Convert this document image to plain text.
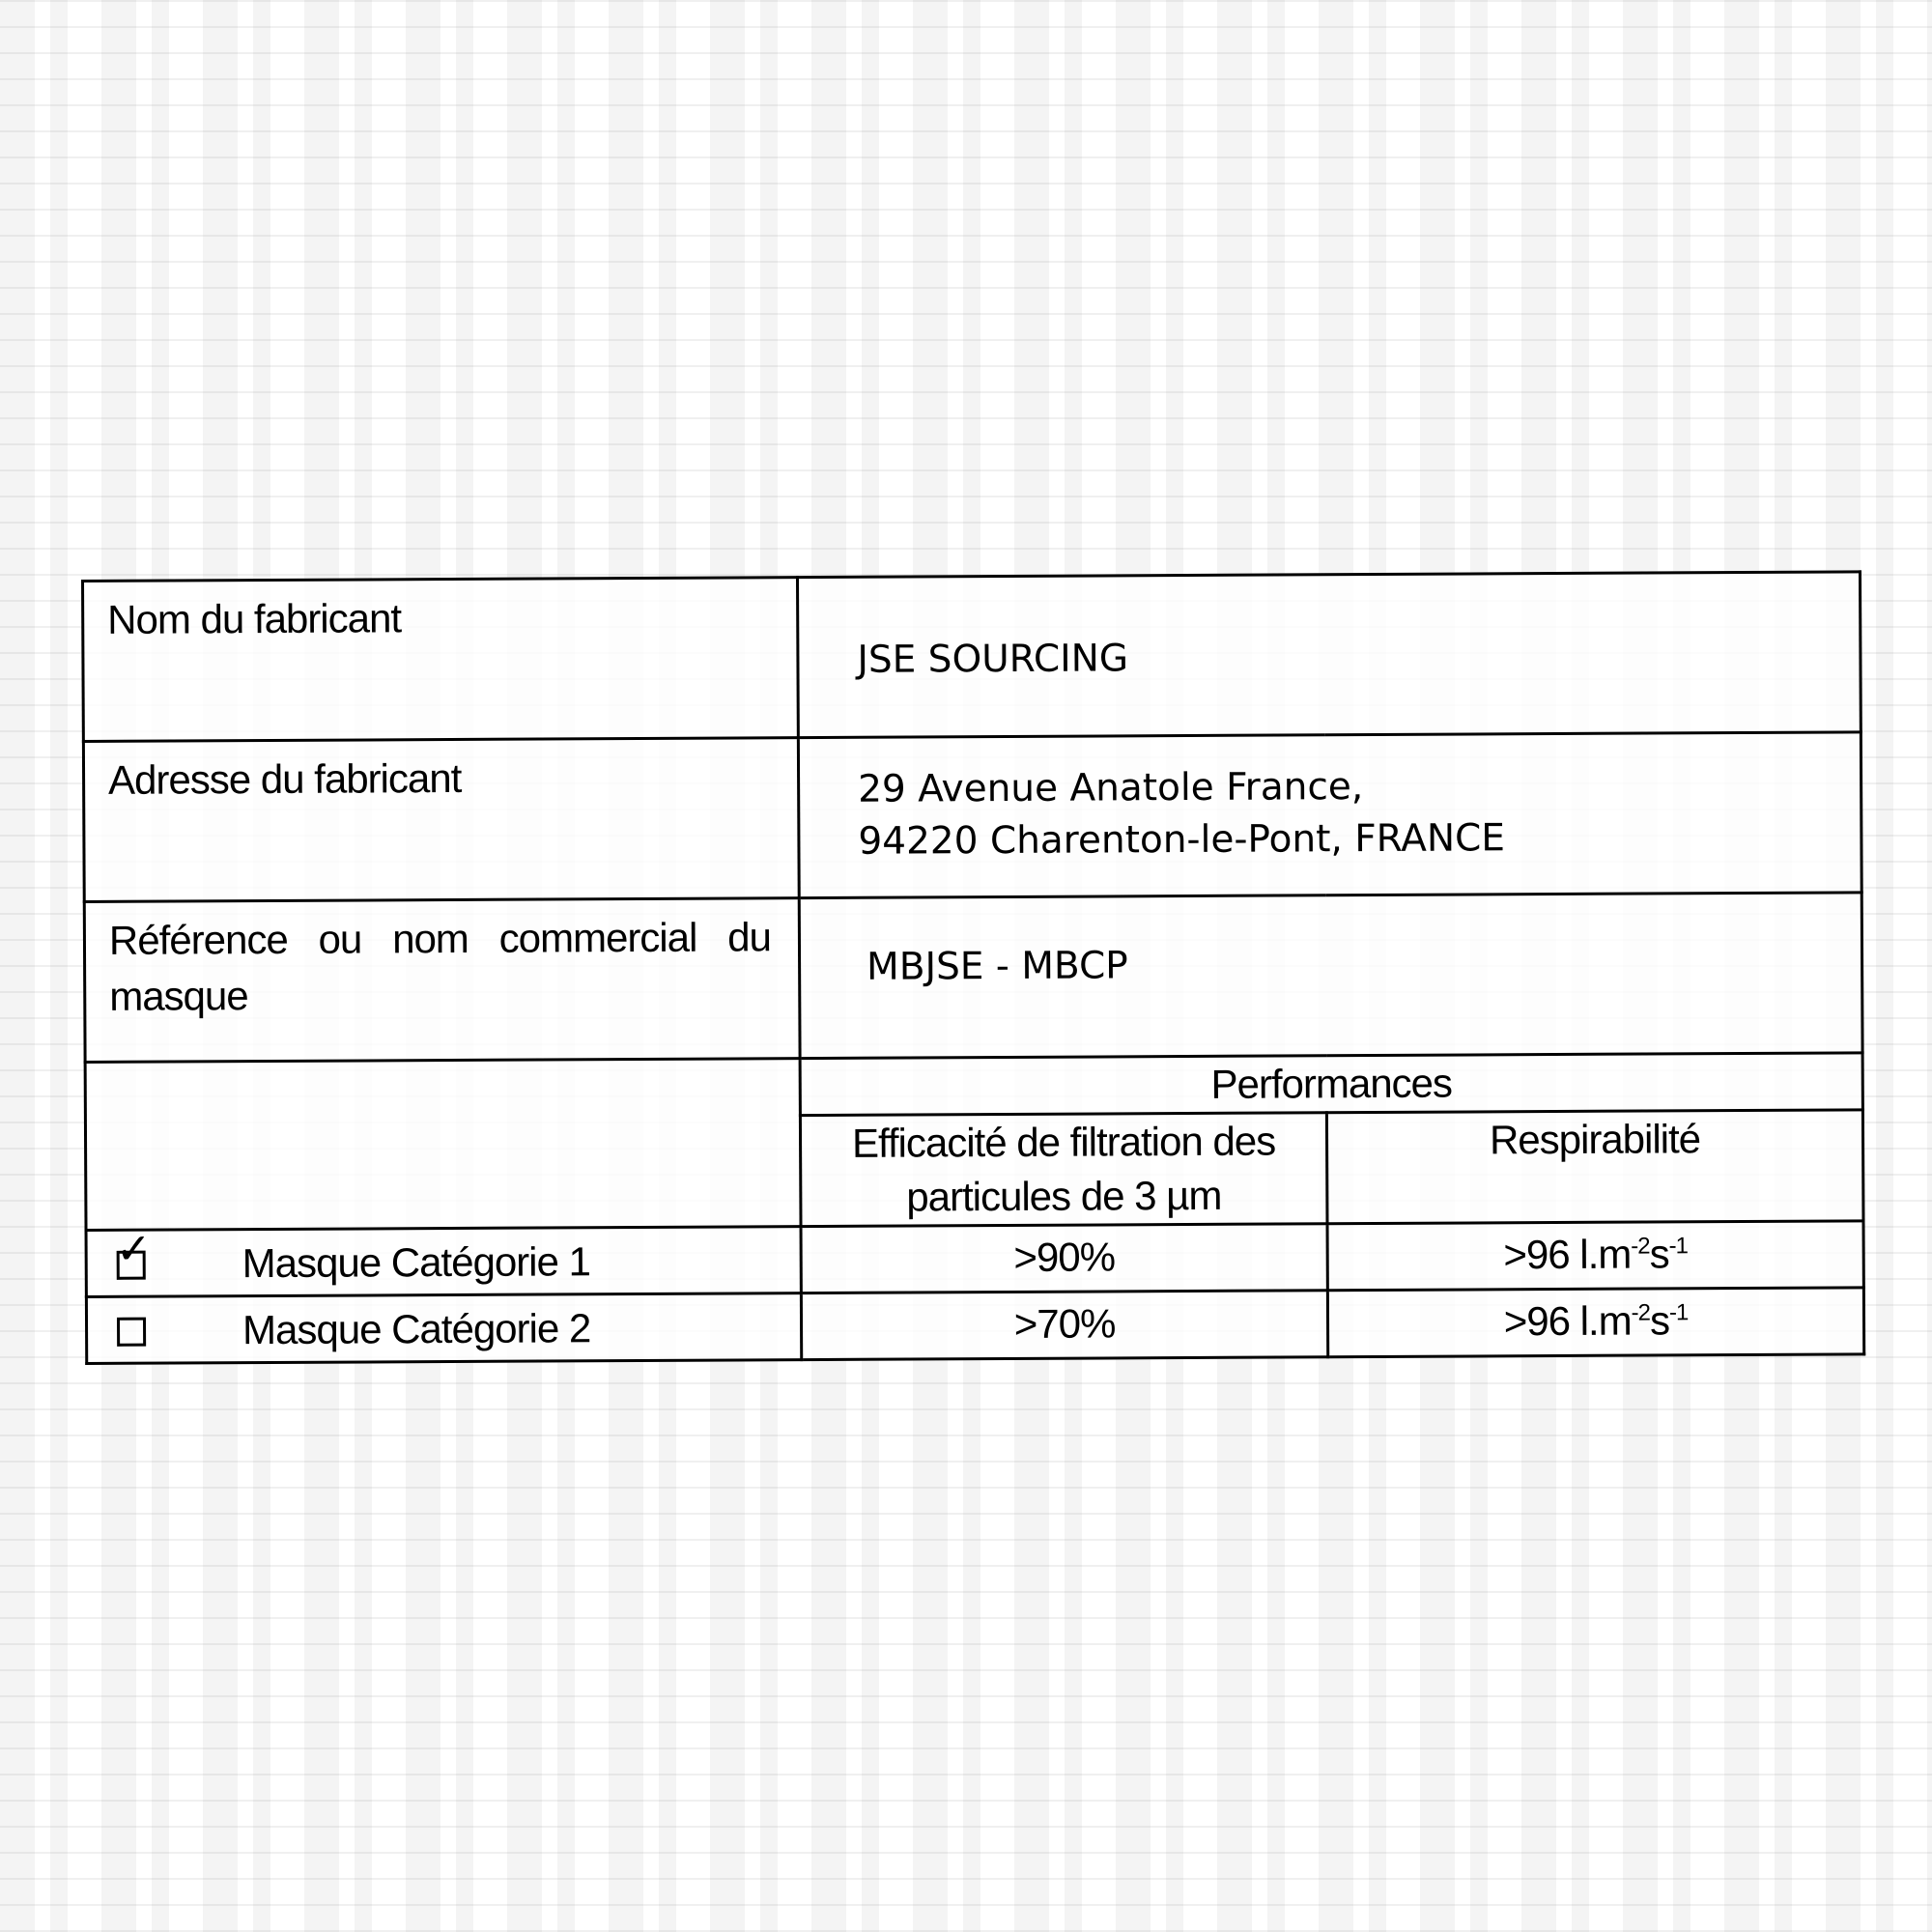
Nom du fabricant	JSE SOURCING	

Adresse du fabricant	29 Avenue Anatole France,
94220 Charenton-le-Pont, FRANCE	

Référence ou nom commercial du masque	MBJSE - MBCP	

	Performances	

	Efficacité de filtration des particules de 3 µm	Respirabilité

✓ Masque Catégorie 1	>90%	>96 $l.m^{-2}s^{-1}$

Masque Catégorie 2	>70%	>96 $l.m^{-2}s^{-1}$
